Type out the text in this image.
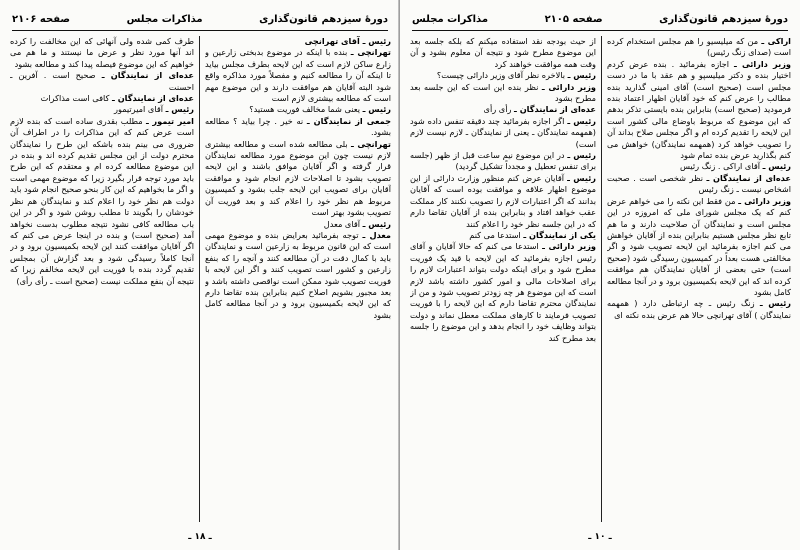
دورهٔ سیزدهم قانون‌گذاری
مذاکرات مجلس
صفحه ۲۱۰۶

رئیس ـ آقای تهرانچی

تهرانچی ـ بنده با اینکه در موضوع بدبختی زارعین و زارع ساکن لازم است که این لایحه بطرف مجلس بیاید تا اینکه آن را مطالعه کنیم و مفصلاً مورد مذاکره واقع شود البته آقایان هم موافقت دارند و این موضوع مهم است که مطالعه بیشتری لازم است

رئیس ـ یعنی شما مخالف فوریت هستید؟

جمعی از نمایندگان ـ نه خیر . چرا بیاید ؟ مطالعه بشود.

تهرانچی ـ بلی مطالعه شده است و مطالعه بیشتری لازم نیست چون این موضوع مورد مطالعه نمایندگان قرار گرفته و اگر آقایان موافق باشند و این لایحه تصویب بشود تا اصلاحات لازم انجام شود و موافقت آقایان برای تصویب این لایحه جلب بشود و کمیسیون مربوط هم نظر خود را اعلام کند و بعد فوریت آن تصویب بشود بهتر است

رئیس ـ آقای معدل

معدل ـ توجه بفرمائید بعرایض بنده و موضوع مهمی است که این قانون مربوط به زارعین است و نمایندگان باید با کمال دقت در آن مطالعه کنند و آنچه را که بنفع زارعین و کشور است تصویب کنند و اگر این لایحه با فوریت تصویب شود ممکن است نواقصی داشته باشد و بعد مجبور بشویم اصلاح کنیم بنابراین بنده تقاضا دارم که این لایحه بکمیسیون برود و در آنجا مطالعه کامل بشود

طرف کمی شده ولی آنهائی که این مخالفت را کرده اند آنها مورد نظر و عرض ما نیستند و ما هم می خواهیم که این موضوع فیصله پیدا کند و مطالعه بشود

عده‌ای از نمایندگان ـ صحیح است . آفرین ـ احسنت

عده‌ای از نمایندگان ـ کافی است مذاکرات

رئیس ـ آقای امیرتیمور

امیر تیمور ـ مطلب بقدری ساده است که بنده لازم است عرض کنم که این مذاکرات را در اطراف آن ضروری می بینم بنده باشکه این طرح را نمایندگان محترم دولت از این مجلس تقدیم کرده اند و بنده در این موضوع مطالعه کرده ام و معتقدم که این طرح باید مورد توجه قرار بگیرد زیرا که موضوع مهمی است و اگر ما بخواهیم که این کار بنحو صحیح انجام شود باید دولت هم نظر خود را اعلام کند و نمایندگان هم نظر خودشان را بگویند تا مطلب روشن شود و اگر در این باب مطالعه کافی نشود نتیجه مطلوب بدست نخواهد آمد (صحیح است) و بنده در اینجا عرض می کنم که اگر آقایان موافقت کنند این لایحه بکمیسیون برود و در آنجا کاملاً رسیدگی شود و بعد گزارش آن بمجلس تقدیم گردد بنده با فوریت این لایحه مخالفم زیرا که نتیجه آن بنفع مملکت نیست (صحیح است ـ رأی رأی)

ـ ۱۸ ـ
دورهٔ سیزدهم قانون‌گذاری
صفحه ۲۱۰۵
مذاکرات مجلس

اراکی ـ من که میلیسیو را هم مجلس استخدام کرده است (صدای زنگ رئیس)

وزیر دارائی ـ اجازه بفرمائید . بنده عرض کردم اختیار بنده و دکتر میلیسپو و هم عقد با ما در دست مجلس است (صحیح است) آقای امینی گذارید بنده مطالب را عرض کنم که خود آقایان اظهار اعتماد بنده فرمودید (صحیح است) بنابراین بنده بایستی تذکر بدهم که این موضوع که مربوط باوضاع مالی کشور است این لایحه را تقدیم کرده ام و اگر مجلس صلاح بداند آن را تصویب خواهد کرد (همهمه نمایندگان) خواهش می کنم بگذارید عرض بنده تمام شود

رئیس ـ آقای اراکی . زنگ رئیس

عده‌ای از نمایندگان ـ نظر شخصی است . صحبت اشخاص نیست ـ زنگ رئیس

وزیر دارائی ـ من فقط این نکته را می خواهم عرض کنم که یک مجلس شورای ملی که امروزه در این مجلس است و نمایندگان آن صلاحیت دارند و ما هم تابع نظر مجلس هستیم بنابراین بنده از آقایان خواهش می کنم اجازه بفرمائید این لایحه تصویب شود و اگر مخالفتی هست بعداً در کمیسیون رسیدگی شود (صحیح است) حتی بعضی از آقایان نمایندگان هم موافقت کرده اند که این لایحه بکمیسیون برود و در آنجا مطالعه کامل بشود

رئیس ـ زنگ رئیس ـ چه ارتباطی دارد ( همهمه نمایندگان ) آقای تهرانچی حالا هم عرض بنده نکته ای

از حیث بودجه نقد استفاده میکنم که بلکه جلسه بعد این موضوع مطرح شود و نتیجه آن معلوم بشود و آن وقت همه موافقت خواهند کرد

رئیس ـ بالاخره نظر آقای وزیر دارائی چیست؟

وزیر دارائی ـ نظر بنده این است که این جلسه بعد مطرح بشود

عده‌ای از نمایندگان ـ رأی رأی

رئیس ـ اگر اجازه بفرمائید چند دقیقه تنفس داده شود (همهمه نمایندگان ـ یعنی از نمایندگان ـ لازم نیست لازم است)

رئیس ـ در این موضوع نیم ساعت قبل از ظهر (جلسه برای تنفس تعطیل و مجدداً تشکیل گردید)

رئیس ـ آقایان عرض کنم منظور وزارت دارائی از این موضوع اظهار علاقه و موافقت بوده است که آقایان بدانند که اگر اعتبارات لازم را تصویب نکنند کار مملکت عقب خواهد افتاد و بنابراین بنده از آقایان تقاضا دارم که در این جلسه نظر خود را اعلام کنند

یکی از نمایندگان ـ استدعا می کنم

وزیر دارائی ـ استدعا می کنم که حالا آقایان و آقای رئیس اجازه بفرمائید که این لایحه با قید یک فوریت مطرح شود و برای اینکه دولت بتواند اعتبارات لازم را برای اصلاحات مالی و امور کشور داشته باشد لازم است که این موضوع هر چه زودتر تصویب شود و من از نمایندگان محترم تقاضا دارم که این لایحه را با فوریت تصویب فرمایند تا کارهای مملکت معطل نماند و دولت بتواند وظایف خود را انجام بدهد و این موضوع را جلسه بعد مطرح کند

ـ ۱۰ ـ
